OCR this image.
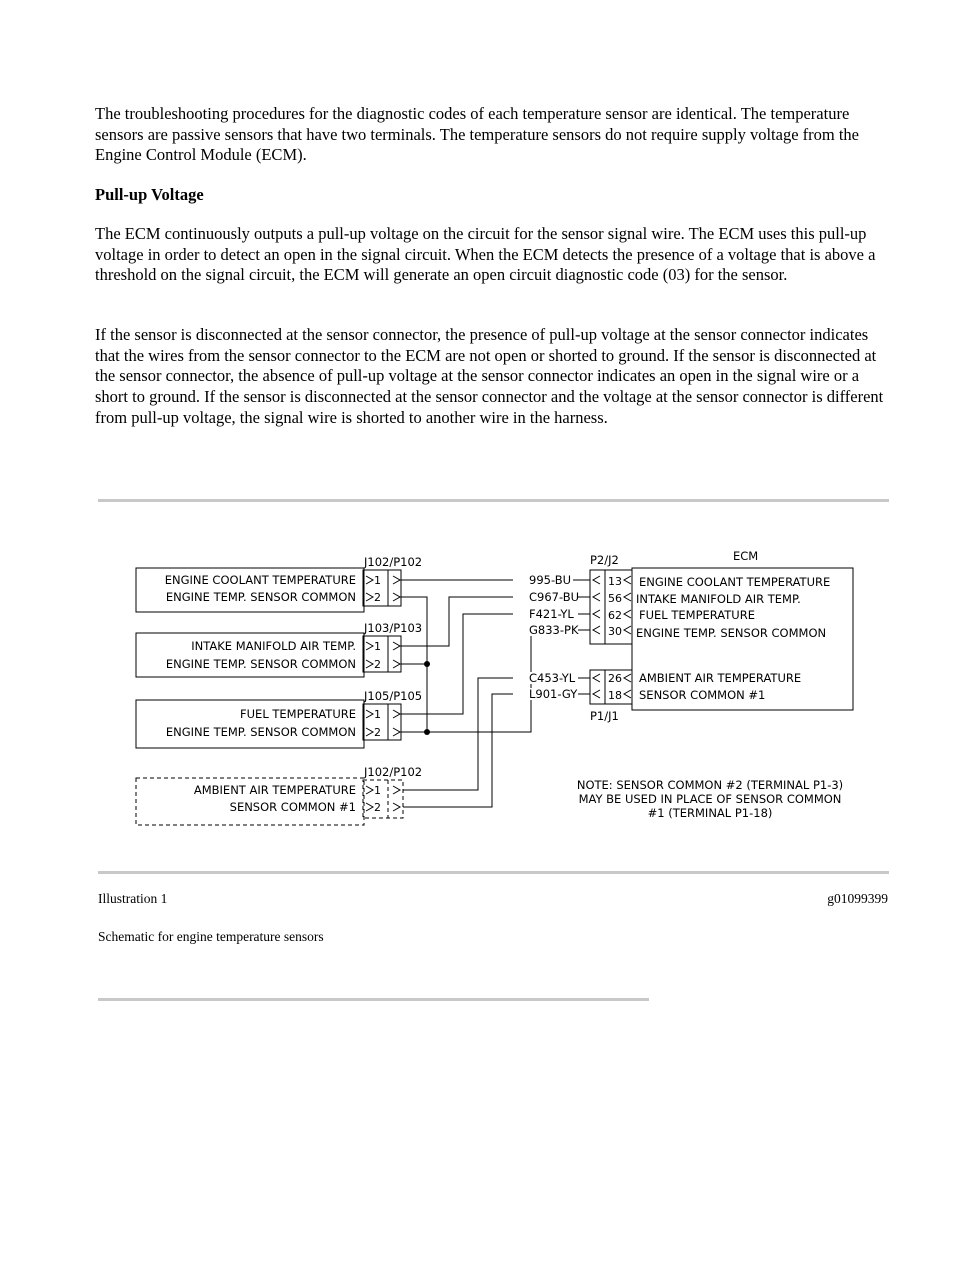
The troubleshooting procedures for the diagnostic codes of each temperature sensor are identical. The temperature sensors are passive sensors that have two terminals. The temperature sensors do not require supply voltage from the Engine Control Module (ECM).

Pull-up Voltage

The ECM continuously outputs a pull-up voltage on the circuit for the sensor signal wire. The ECM uses this pull-up voltage in order to detect an open in the signal circuit. When the ECM detects the presence of a voltage that is above a threshold on the signal circuit, the ECM will generate an open circuit diagnostic code (03) for the sensor.

If the sensor is disconnected at the sensor connector, the presence of pull-up voltage at the sensor connector indicates that the wires from the sensor connector to the ECM are not open or shorted to ground. If the sensor is disconnected at the sensor connector, the absence of pull-up voltage at the sensor connector indicates an open in the signal wire or a short to ground. If the sensor is disconnected at the sensor connector and the voltage at the sensor connector is different from pull-up voltage, the signal wire is shorted to another wire in the harness.

ENGINE COOLANT TEMPERATURE
ENGINE TEMP. SENSOR COMMON
INTAKE MANIFOLD AIR TEMP.
ENGINE TEMP. SENSOR COMMON
FUEL TEMPERATURE
ENGINE TEMP. SENSOR COMMON
AMBIENT AIR TEMPERATURE
SENSOR COMMON #1
J102/P102
J103/P103
J105/P105
J102/P102
P2/J2
P1/J1
ECM
1
2
1
2
1
2
1
2
995-BU
C967-BU
F421-YL
G833-PK
C453-YL
L901-GY
13
56
62
30
26
18
ENGINE COOLANT TEMPERATURE
INTAKE MANIFOLD AIR TEMP.
FUEL TEMPERATURE
ENGINE TEMP. SENSOR COMMON
AMBIENT AIR TEMPERATURE
SENSOR COMMON #1
NOTE: SENSOR COMMON #2 (TERMINAL P1-3)
MAY BE USED IN PLACE OF SENSOR COMMON
#1 (TERMINAL P1-18)
Illustration 1	g01099399
Schematic for engine temperature sensors
